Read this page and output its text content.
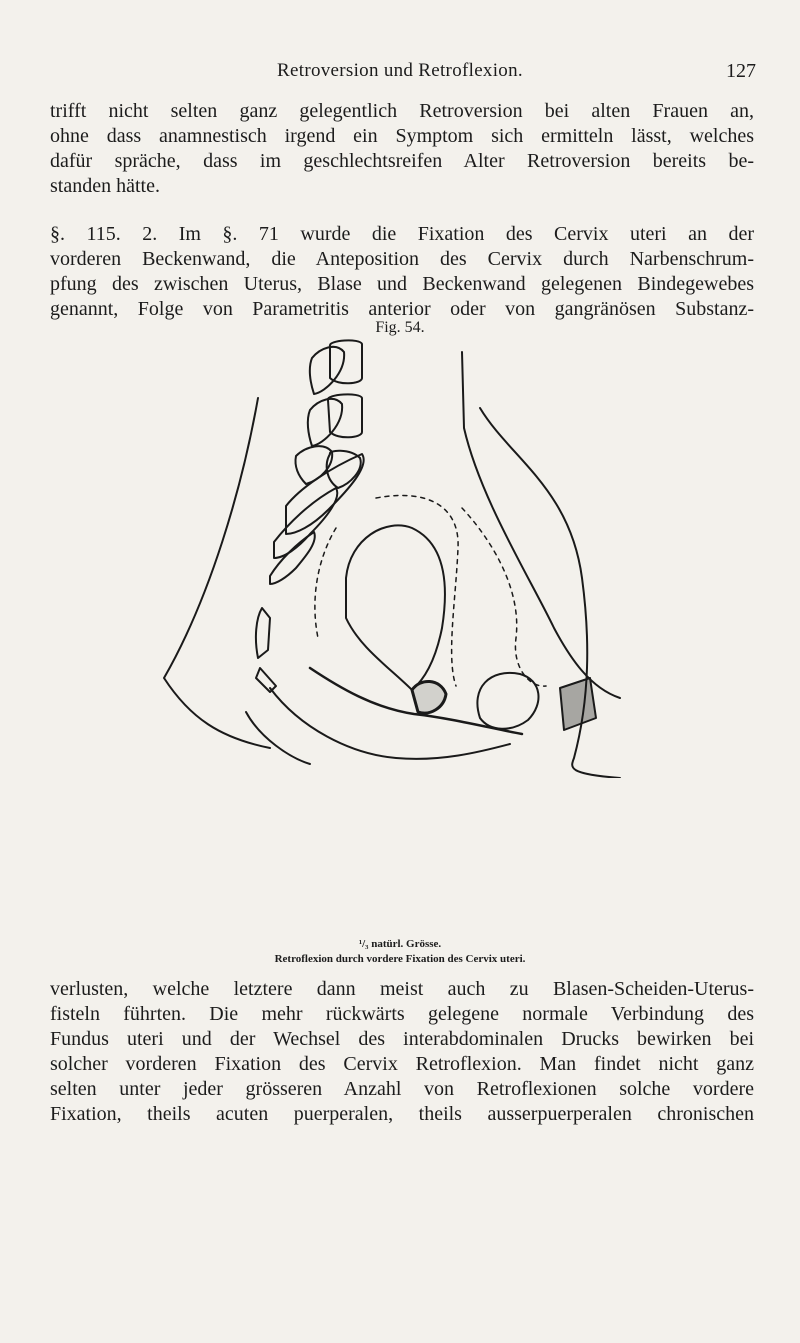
Retroversion und Retroflexion.	127
trifft nicht selten ganz gelegentlich Retroversion bei alten Frauen an,
ohne dass anamnestisch irgend ein Symptom sich ermitteln lässt, welches
dafür spräche, dass im geschlechtsreifen Alter Retroversion bereits be-
standen hätte.
§. 115. 2. Im §. 71 wurde die Fixation des Cervix uteri an der
vorderen Beckenwand, die Anteposition des Cervix durch Narbenschrum-
pfung des zwischen Uterus, Blase und Beckenwand gelegenen Bindegewebes
genannt, Folge von Parametritis anterior oder von gangränösen Substanz-
Fig. 54.
¹/₃ natürl. Grösse.
Retroflexion durch vordere Fixation des Cervix uteri.
verlusten, welche letztere dann meist auch zu Blasen-Scheiden-Uterus-
fisteln führten. Die mehr rückwärts gelegene normale Verbindung des
Fundus uteri und der Wechsel des interabdominalen Drucks bewirken bei
solcher vorderen Fixation des Cervix Retroflexion. Man findet nicht ganz
selten unter jeder grösseren Anzahl von Retroflexionen solche vordere
Fixation, theils acuten puerperalen, theils ausserpuerperalen chronischen
